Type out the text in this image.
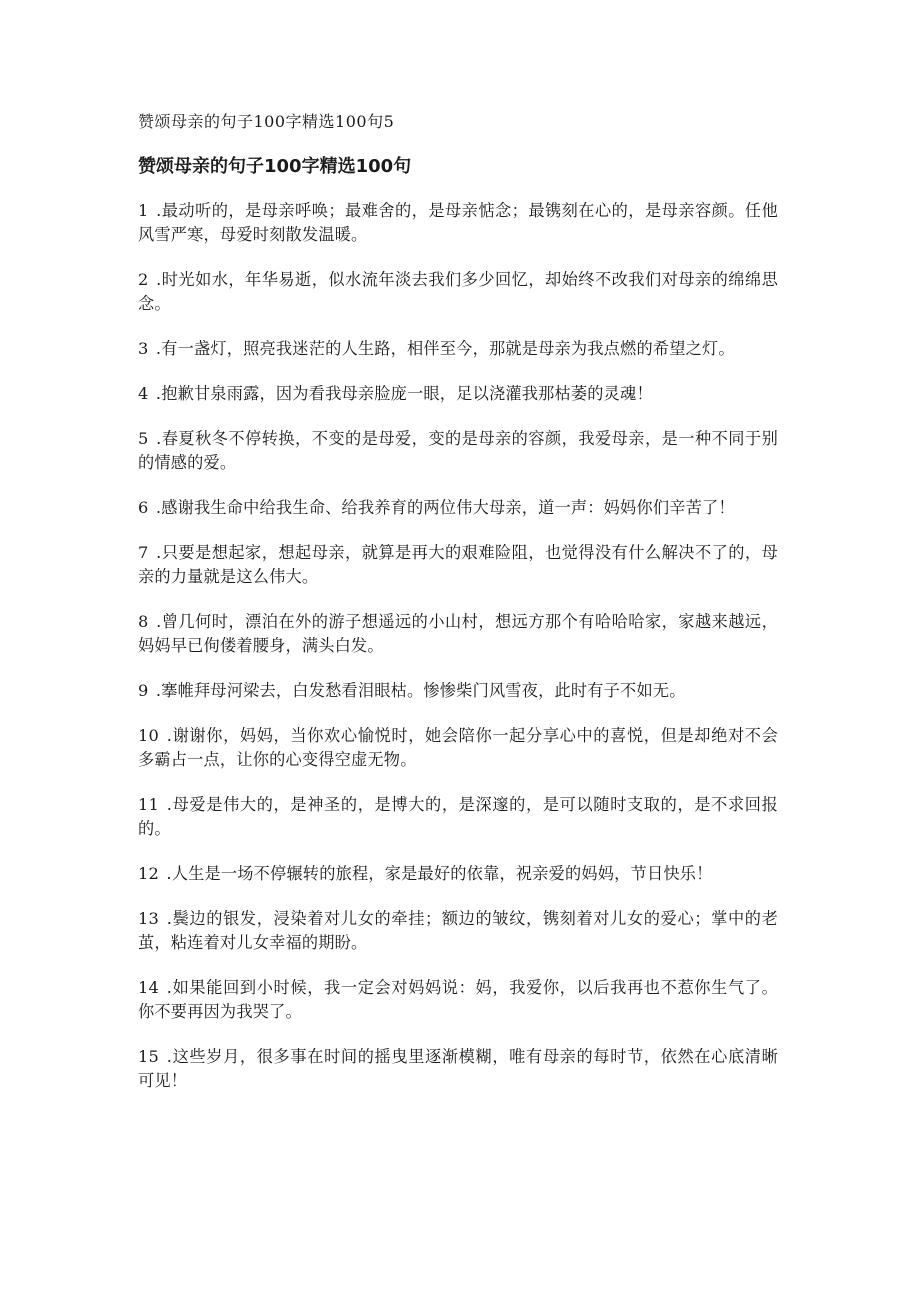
赞颂母亲的句子100字精选100句5
赞颂母亲的句子100字精选100句
1 .最动听的，是母亲呼唤；最难舍的，是母亲惦念；最镌刻在心的，是母亲容颜。任他风雪严寒，母爱时刻散发温暖。
2 .时光如水，年华易逝，似水流年淡去我们多少回忆，却始终不改我们对母亲的绵绵思念。
3 .有一盏灯，照亮我迷茫的人生路，相伴至今，那就是母亲为我点燃的希望之灯。
4 .抱歉甘泉雨露，因为看我母亲脸庞一眼，足以浇灌我那枯萎的灵魂！
5 .春夏秋冬不停转换，不变的是母爱，变的是母亲的容颜，我爱母亲，是一种不同于别的情感的爱。
6 .感谢我生命中给我生命、给我养育的两位伟大母亲，道一声：妈妈你们辛苦了！
7 .只要是想起家，想起母亲，就算是再大的艰难险阻，也觉得没有什么解决不了的，母亲的力量就是这么伟大。
8 .曾几何时，漂泊在外的游子想遥远的小山村，想远方那个有哈哈哈家，家越来越远，妈妈早已佝偻着腰身，满头白发。
9 .搴帷拜母河梁去，白发愁看泪眼枯。惨惨柴门风雪夜，此时有子不如无。
10 .谢谢你，妈妈，当你欢心愉悦时，她会陪你一起分享心中的喜悦，但是却绝对不会多霸占一点，让你的心变得空虚无物。
11 .母爱是伟大的，是神圣的，是博大的，是深邃的，是可以随时支取的，是不求回报的。
12 .人生是一场不停辗转的旅程，家是最好的依靠，祝亲爱的妈妈，节日快乐！
13 .鬓边的银发，浸染着对儿女的牵挂；额边的皱纹，镌刻着对儿女的爱心；掌中的老茧，粘连着对儿女幸福的期盼。
14 .如果能回到小时候，我一定会对妈妈说：妈，我爱你，以后我再也不惹你生气了。你不要再因为我哭了。
15 .这些岁月，很多事在时间的摇曳里逐渐模糊，唯有母亲的每时节，依然在心底清晰可见！
